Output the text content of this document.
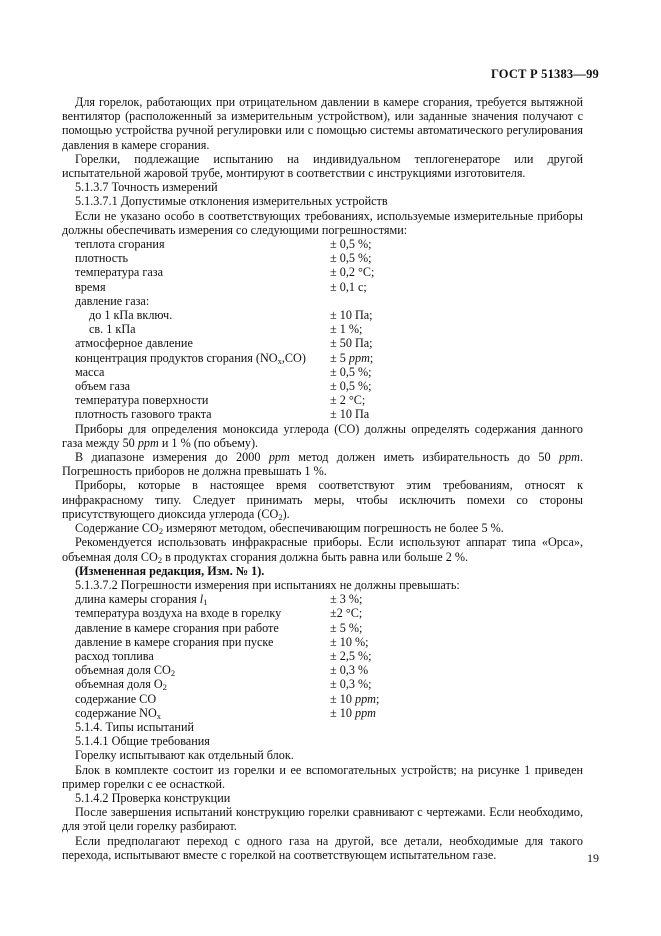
ГОСТ Р 51383—99

Для горелок, работающих при отрицательном давлении в камере сгорания, требуется вытяжной вентилятор (расположенный за измерительным устройством), или заданные значения получают с помощью устройства ручной регулировки или с помощью системы автоматического регулирования давления в камере сгорания.

Горелки, подлежащие испытанию на индивидуальном теплогенераторе или другой испытательной жаровой трубе, монтируют в соответствии с инструкциями изготовителя.

5.1.3.7 Точность измерений

5.1.3.7.1 Допустимые отклонения измерительных устройств

Если не указано особо в соответствующих требованиях, используемые измерительные приборы должны обеспечивать измерения со следующими погрешностями:

теплота сгорания	± 0,5 %;
плотность	± 0,5 %;
температура газа	± 0,2 °С;
время	± 0,1 с;
давление газа:
до 1 кПа включ.	± 10 Па;
св. 1 кПа	± 1 %;
атмосферное давление	± 50 Па;
концентрация продуктов сгорания $(NO_x,CO)$	± 5 ppm;
масса	± 0,5 %;
объем газа	± 0,5 %;
температура поверхности	± 2 °С;
плотность газового тракта	± 10 Па

Приборы для определения моноксида углерода (CO) должны определять содержания данного газа между 50 ppm и 1 % (по объему).

В диапазоне измерения до 2000 ppm метод должен иметь избирательность до 50 ppm. Погрешность приборов не должна превышать 1 %.

Приборы, которые в настоящее время соответствуют этим требованиям, относят к инфракрасному типу. Следует принимать меры, чтобы исключить помехи со стороны присутствующего диоксида углерода $(CO_2)$.

Содержание $CO_2$ измеряют методом, обеспечивающим погрешность не более 5 %.

Рекомендуется использовать инфракрасные приборы. Если используют аппарат типа «Орса», объемная доля $CO_2$ в продуктах сгорания должна быть равна или больше 2 %.

(Измененная редакция, Изм. № 1).

5.1.3.7.2 Погрешности измерения при испытаниях не должны превышать:

длина камеры сгорания $l_1$	± 3 %;
температура воздуха на входе в горелку	±2 °С;
давление в камере сгорания при работе	± 5 %;
давление в камере сгорания при пуске	± 10 %;
расход топлива	± 2,5 %;
объемная доля $CO_2$	± 0,3 %
объемная доля $O_2$	± 0,3 %;
содержание CO	± 10 ppm;
содержание $NO_x$	± 10 ppm

5.1.4. Типы испытаний

5.1.4.1 Общие требования

Горелку испытывают как отдельный блок.

Блок в комплекте состоит из горелки и ее вспомогательных устройств; на рисунке 1 приведен пример горелки с ее оснасткой.

5.1.4.2 Проверка конструкции

После завершения испытаний конструкцию горелки сравнивают с чертежами. Если необходимо, для этой цели горелку разбирают.

Если предполагают переход с одного газа на другой, все детали, необходимые для такого перехода, испытывают вместе с горелкой на соответствующем испытательном газе.	19
